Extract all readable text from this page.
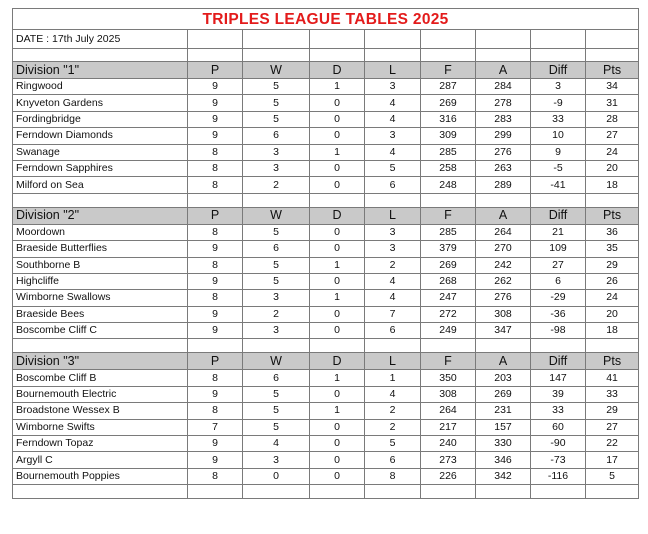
TRIPLES LEAGUE TABLES 2025								
DATE : 17th July 2025								

Division "1"	P	W	D	L	F	A	Diff	Pts
Ringwood	9	5	1	3	287	284	3	34
Knyveton Gardens	9	5	0	4	269	278	-9	31
Fordingbridge	9	5	0	4	316	283	33	28
Ferndown Diamonds	9	6	0	3	309	299	10	27
Swanage	8	3	1	4	285	276	9	24
Ferndown Sapphires	8	3	0	5	258	263	-5	20
Milford on Sea	8	2	0	6	248	289	-41	18

Division "2"	P	W	D	L	F	A	Diff	Pts
Moordown	8	5	0	3	285	264	21	36
Braeside Butterflies	9	6	0	3	379	270	109	35
Southborne B	8	5	1	2	269	242	27	29
Highcliffe	9	5	0	4	268	262	6	26
Wimborne Swallows	8	3	1	4	247	276	-29	24
Braeside Bees	9	2	0	7	272	308	-36	20
Boscombe Cliff C	9	3	0	6	249	347	-98	18

Division "3"	P	W	D	L	F	A	Diff	Pts
Boscombe Cliff B	8	6	1	1	350	203	147	41
Bournemouth Electric	9	5	0	4	308	269	39	33
Broadstone Wessex B	8	5	1	2	264	231	33	29
Wimborne Swifts	7	5	0	2	217	157	60	27
Ferndown Topaz	9	4	0	5	240	330	-90	22
Argyll C	9	3	0	6	273	346	-73	17
Bournemouth Poppies	8	0	0	8	226	342	-116	5
